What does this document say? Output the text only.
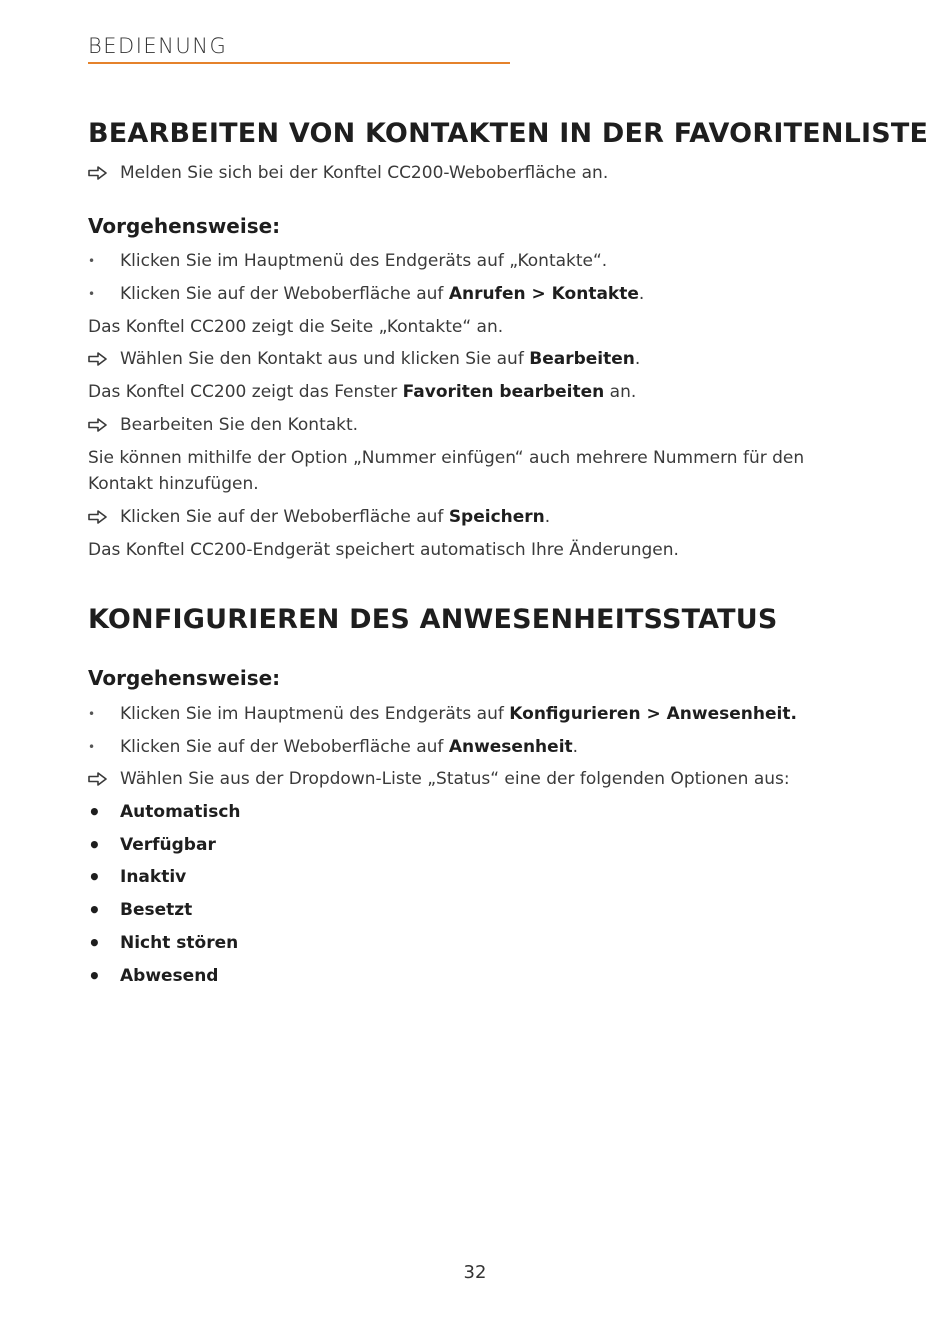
BEDIENUNG
BEARBEITEN VON KONTAKTEN IN DER FAVORITENLISTE
Melden Sie sich bei der Konftel CC200-Weboberfläche an.
Vorgehensweise:
• Klicken Sie im Hauptmenü des Endgeräts auf „Kontakte“.
• Klicken Sie auf der Weboberfläche auf Anrufen > Kontakte.
Das Konftel CC200 zeigt die Seite „Kontakte“ an.
Wählen Sie den Kontakt aus und klicken Sie auf Bearbeiten.
Das Konftel CC200 zeigt das Fenster Favoriten bearbeiten an.
Bearbeiten Sie den Kontakt.
Sie können mithilfe der Option „Nummer einfügen“ auch mehrere Nummern für den Kontakt hinzufügen.
Klicken Sie auf der Weboberfläche auf Speichern.
Das Konftel CC200-Endgerät speichert automatisch Ihre Änderungen.
KONFIGURIEREN DES ANWESENHEITSSTATUS
Vorgehensweise:
• Klicken Sie im Hauptmenü des Endgeräts auf Konfigurieren > Anwesenheit.
• Klicken Sie auf der Weboberfläche auf Anwesenheit.
Wählen Sie aus der Dropdown-Liste „Status“ eine der folgenden Optionen aus:
• Automatisch
• Verfügbar
• Inaktiv
• Besetzt
• Nicht stören
• Abwesend
32
